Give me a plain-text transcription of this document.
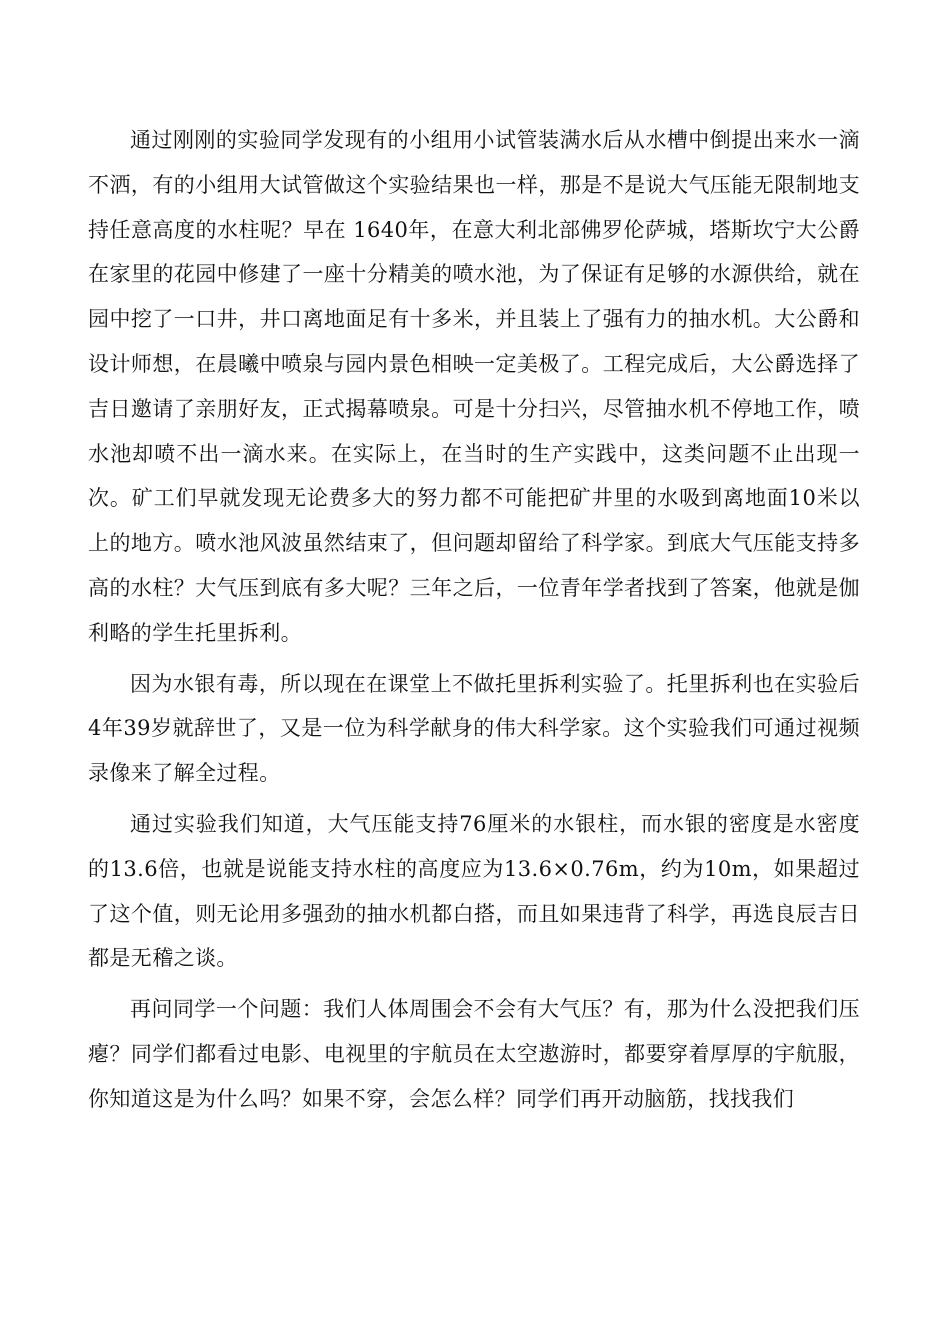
通过刚刚的实验同学发现有的小组用小试管装满水后从水槽中倒提出来水一滴不洒，有的小组用大试管做这个实验结果也一样，那是不是说大气压能无限制地支持任意高度的水柱呢？早在 1640年，在意大利北部佛罗伦萨城，塔斯坎宁大公爵在家里的花园中修建了一座十分精美的喷水池，为了保证有足够的水源供给，就在园中挖了一口井，井口离地面足有十多米，并且装上了强有力的抽水机。大公爵和设计师想，在晨曦中喷泉与园内景色相映一定美极了。工程完成后，大公爵选择了吉日邀请了亲朋好友，正式揭幕喷泉。可是十分扫兴，尽管抽水机不停地工作，喷水池却喷不出一滴水来。在实际上，在当时的生产实践中，这类问题不止出现一次。矿工们早就发现无论费多大的努力都不可能把矿井里的水吸到离地面10米以上的地方。喷水池风波虽然结束了，但问题却留给了科学家。到底大气压能支持多高的水柱？大气压到底有多大呢？三年之后，一位青年学者找到了答案，他就是伽利略的学生托里拆利。

因为水银有毒，所以现在在课堂上不做托里拆利实验了。托里拆利也在实验后4年39岁就辞世了，又是一位为科学献身的伟大科学家。这个实验我们可通过视频录像来了解全过程。

通过实验我们知道，大气压能支持76厘米的水银柱，而水银的密度是水密度的13.6倍，也就是说能支持水柱的高度应为13.6×0.76m，约为10m，如果超过了这个值，则无论用多强劲的抽水机都白搭，而且如果违背了科学，再选良辰吉日都是无稽之谈。

再问同学一个问题：我们人体周围会不会有大气压？有，那为什么没把我们压瘪？同学们都看过电影、电视里的宇航员在太空遨游时，都要穿着厚厚的宇航服，你知道这是为什么吗？如果不穿，会怎么样？同学们再开动脑筋，找找我们
